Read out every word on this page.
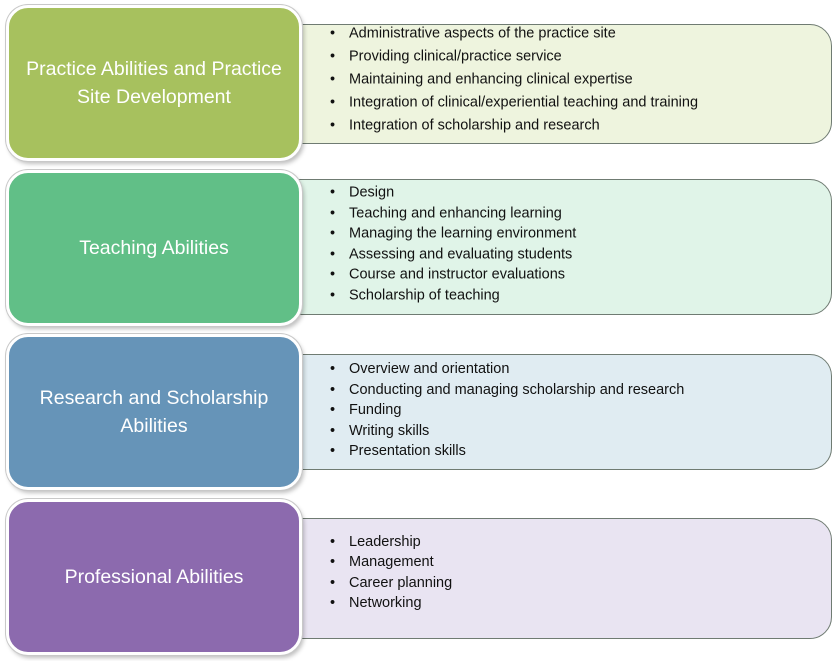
• Administrative aspects of the practice site
• Providing clinical/practice service
• Maintaining and enhancing clinical expertise
• Integration of clinical/experiential teaching and training
• Integration of scholarship and research
Practice Abilities and Practice Site Development
• Design
• Teaching and enhancing learning
• Managing the learning environment
• Assessing and evaluating students
• Course and instructor evaluations
• Scholarship of teaching
Teaching Abilities
• Overview and orientation
• Conducting and managing scholarship and research
• Funding
• Writing skills
• Presentation skills
Research and Scholarship Abilities
• Leadership
• Management
• Career planning
• Networking
Professional Abilities
